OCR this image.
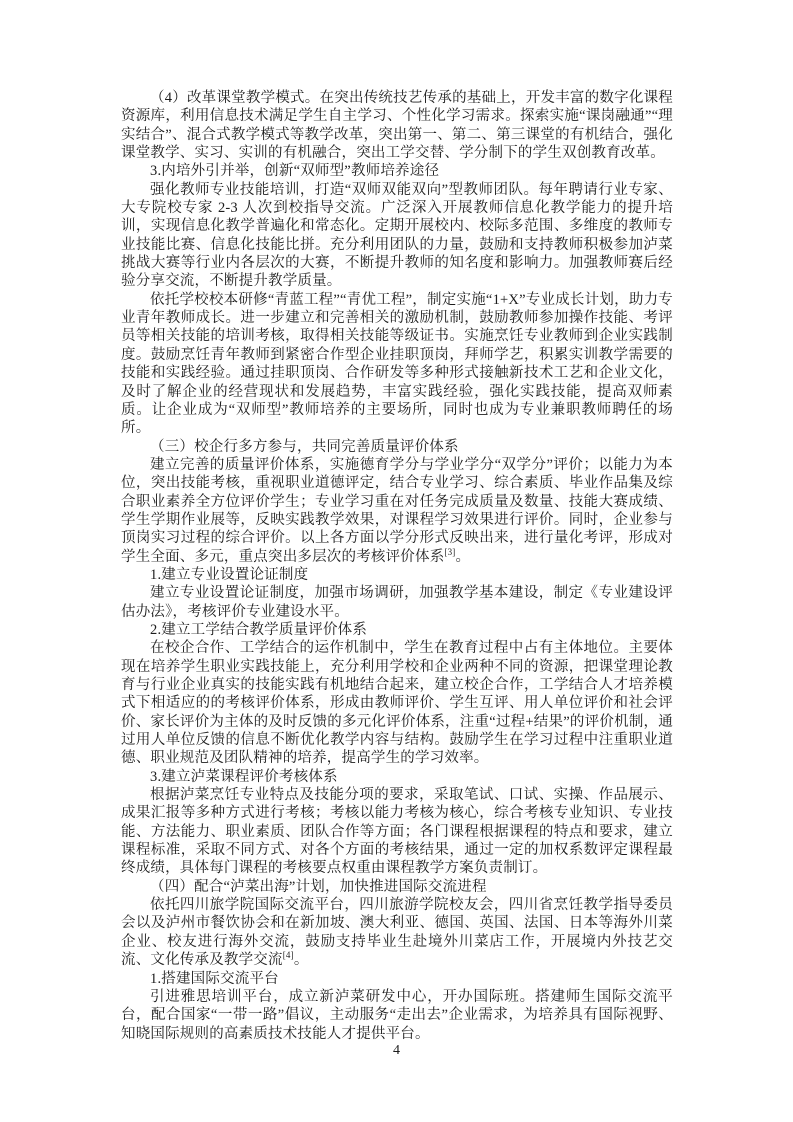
（4）改革课堂教学模式。在突出传统技艺传承的基础上，开发丰富的数字化课程资源库，利用信息技术满足学生自主学习、个性化学习需求。探索实施“课岗融通”“理实结合”、混合式教学模式等教学改革，突出第一、第二、第三课堂的有机结合，强化课堂教学、实习、实训的有机融合，突出工学交替、学分制下的学生双创教育改革。

3.内培外引并举，创新“双师型”教师培养途径

强化教师专业技能培训，打造“双师双能双向”型教师团队。每年聘请行业专家、大专院校专家 2-3 人次到校指导交流。广泛深入开展教师信息化教学能力的提升培训，实现信息化教学普遍化和常态化。定期开展校内、校际多范围、多维度的教师专业技能比赛、信息化技能比拼。充分利用团队的力量，鼓励和支持教师积极参加泸菜挑战大赛等行业内各层次的大赛，不断提升教师的知名度和影响力。加强教师赛后经验分享交流，不断提升教学质量。

依托学校校本研修“青蓝工程”“青优工程”，制定实施“1+X”专业成长计划，助力专业青年教师成长。进一步建立和完善相关的激励机制，鼓励教师参加操作技能、考评员等相关技能的培训考核，取得相关技能等级证书。实施烹饪专业教师到企业实践制度。鼓励烹饪青年教师到紧密合作型企业挂职顶岗，拜师学艺，积累实训教学需要的技能和实践经验。通过挂职顶岗、合作研发等多种形式接触新技术工艺和企业文化，及时了解企业的经营现状和发展趋势，丰富实践经验，强化实践技能，提高双师素质。让企业成为“双师型”教师培养的主要场所，同时也成为专业兼职教师聘任的场所。

（三）校企行多方参与，共同完善质量评价体系

建立完善的质量评价体系，实施德育学分与学业学分“双学分”评价；以能力为本位，突出技能考核，重视职业道德评定，结合专业学习、综合素质、毕业作品集及综合职业素养全方位评价学生；专业学习重在对任务完成质量及数量、技能大赛成绩、学生学期作业展等，反映实践教学效果，对课程学习效果进行评价。同时，企业参与顶岗实习过程的综合评价。以上各方面以学分形式反映出来，进行量化考评，形成对学生全面、多元，重点突出多层次的考核评价体系[3]。

1.建立专业设置论证制度

建立专业设置论证制度，加强市场调研，加强教学基本建设，制定《专业建设评估办法》，考核评价专业建设水平。

2.建立工学结合教学质量评价体系

在校企合作、工学结合的运作机制中，学生在教育过程中占有主体地位。主要体现在培养学生职业实践技能上，充分利用学校和企业两种不同的资源，把课堂理论教育与行业企业真实的技能实践有机地结合起来，建立校企合作，工学结合人才培养模式下相适应的的考核评价体系，形成由教师评价、学生互评、用人单位评价和社会评价、家长评价为主体的及时反馈的多元化评价体系，注重“过程+结果”的评价机制，通过用人单位反馈的信息不断优化教学内容与结构。鼓励学生在学习过程中注重职业道德、职业规范及团队精神的培养，提高学生的学习效率。

3.建立泸菜课程评价考核体系

根据泸菜烹饪专业特点及技能分项的要求，采取笔试、口试、实操、作品展示、成果汇报等多种方式进行考核；考核以能力考核为核心，综合考核专业知识、专业技能、方法能力、职业素质、团队合作等方面；各门课程根据课程的特点和要求，建立课程标准，采取不同方式、对各个方面的考核结果，通过一定的加权系数评定课程最终成绩，具体每门课程的考核要点权重由课程教学方案负责制订。

（四）配合“泸菜出海”计划，加快推进国际交流进程

依托四川旅学院国际交流平台，四川旅游学院校友会，四川省烹饪教学指导委员会以及泸州市餐饮协会和在新加坡、澳大利亚、德国、英国、法国、日本等海外川菜企业、校友进行海外交流，鼓励支持毕业生赴境外川菜店工作，开展境内外技艺交流、文化传承及教学交流[4]。

1.搭建国际交流平台

引进雅思培训平台，成立新泸菜研发中心，开办国际班。搭建师生国际交流平台，配合国家“一带一路”倡议，主动服务“走出去”企业需求，为培养具有国际视野、知晓国际规则的高素质技术技能人才提供平台。

4
